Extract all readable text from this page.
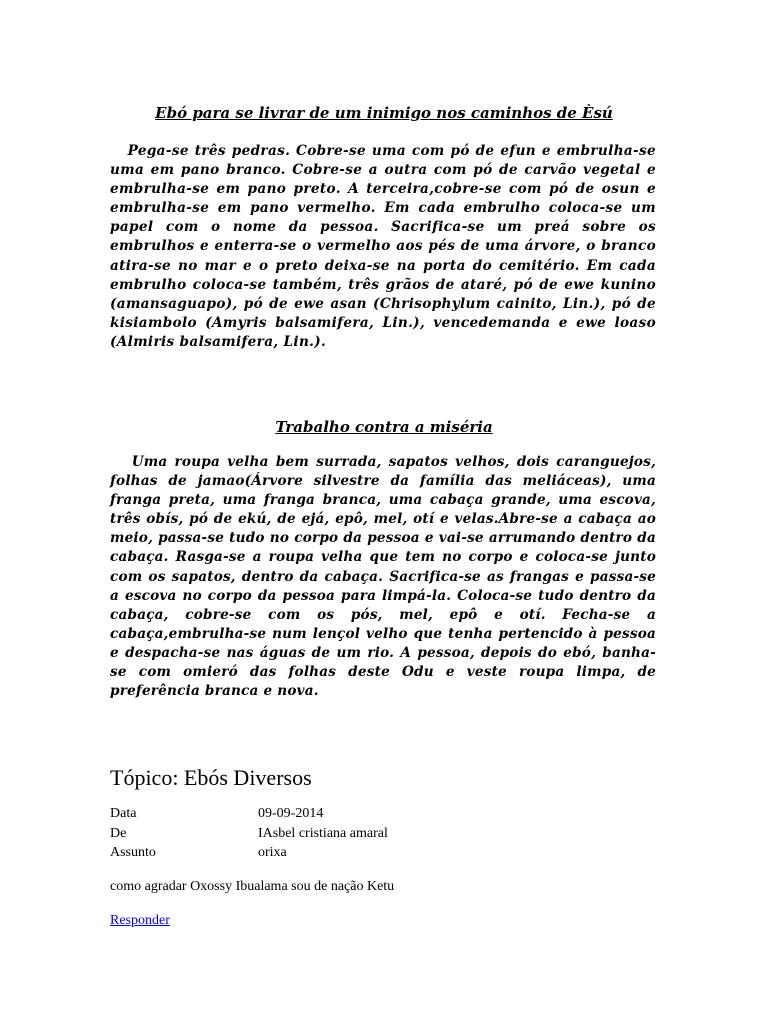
Ebó para se livrar de um inimigo nos caminhos de Èsú

Pega-se três pedras. Cobre-se uma com pó de efun e embrulha-se uma em pano branco. Cobre-se a outra com pó de carvão vegetal e embrulha-se em pano preto. A terceira,cobre-se com pó de osun e embrulha-se em pano vermelho. Em cada embrulho coloca-se um papel com o nome da pessoa. Sacrifica-se um preá sobre os embrulhos e enterra-se o vermelho aos pés de uma árvore, o branco atira-se no mar e o preto deixa-se na porta do cemitério. Em cada embrulho coloca-se também, três grãos de ataré, pó de ewe kunino (amansaguapo), pó de ewe asan (Chrisophylum cainito, Lin.), pó de kisiambolo (Amyris balsamifera, Lin.), vencedemanda e ewe loaso (Almiris balsamifera, Lin.).

Trabalho contra a miséria

Uma roupa velha bem surrada, sapatos velhos, dois caranguejos, folhas de jamao(Árvore silvestre da família das meliáceas), uma franga preta, uma franga branca, uma cabaça grande, uma escova, três obís, pó de ekú, de ejá, epô, mel, otí e velas.Abre-se a cabaça ao meio, passa-se tudo no corpo da pessoa e vai-se arrumando dentro da cabaça. Rasga-se a roupa velha que tem no corpo e coloca-se junto com os sapatos, dentro da cabaça. Sacrifica-se as frangas e passa-se a escova no corpo da pessoa para limpá-la. Coloca-se tudo dentro da cabaça, cobre-se com os pós, mel, epô e otí. Fecha-se a cabaça,embrulha-se num lençol velho que tenha pertencido à pessoa e despacha-se nas águas de um rio. A pessoa, depois do ebó, banha-se com omieró das folhas deste Odu e veste roupa limpa, de preferência branca e nova.

Tópico: Ebós Diversos
Data	09-09-2014
De	IAsbel cristiana amaral
Assunto	orixa
como agradar Oxossy Ibualama sou de nação Ketu
Responder
